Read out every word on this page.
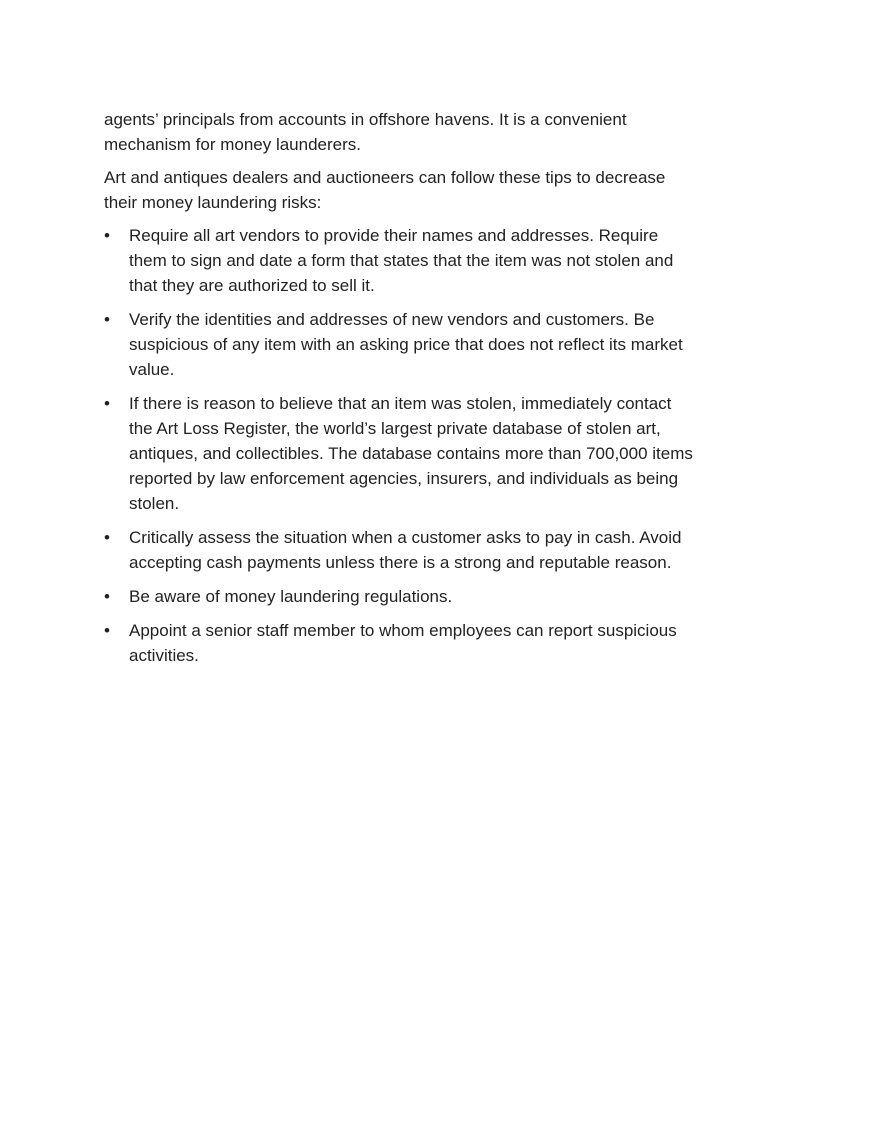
agents’ principals from accounts in offshore havens. It is a convenient
mechanism for money launderers.

Art and antiques dealers and auctioneers can follow these tips to decrease
their money laundering risks:

• Require all art vendors to provide their names and addresses. Require
them to sign and date a form that states that the item was not stolen and
that they are authorized to sell it.
• Verify the identities and addresses of new vendors and customers. Be
suspicious of any item with an asking price that does not reflect its market
value.
• If there is reason to believe that an item was stolen, immediately contact
the Art Loss Register, the world’s largest private database of stolen art,
antiques, and collectibles. The database contains more than 700,000 items
reported by law enforcement agencies, insurers, and individuals as being
stolen.
• Critically assess the situation when a customer asks to pay in cash. Avoid
accepting cash payments unless there is a strong and reputable reason.
• Be aware of money laundering regulations.
• Appoint a senior staff member to whom employees can report suspicious
activities.
